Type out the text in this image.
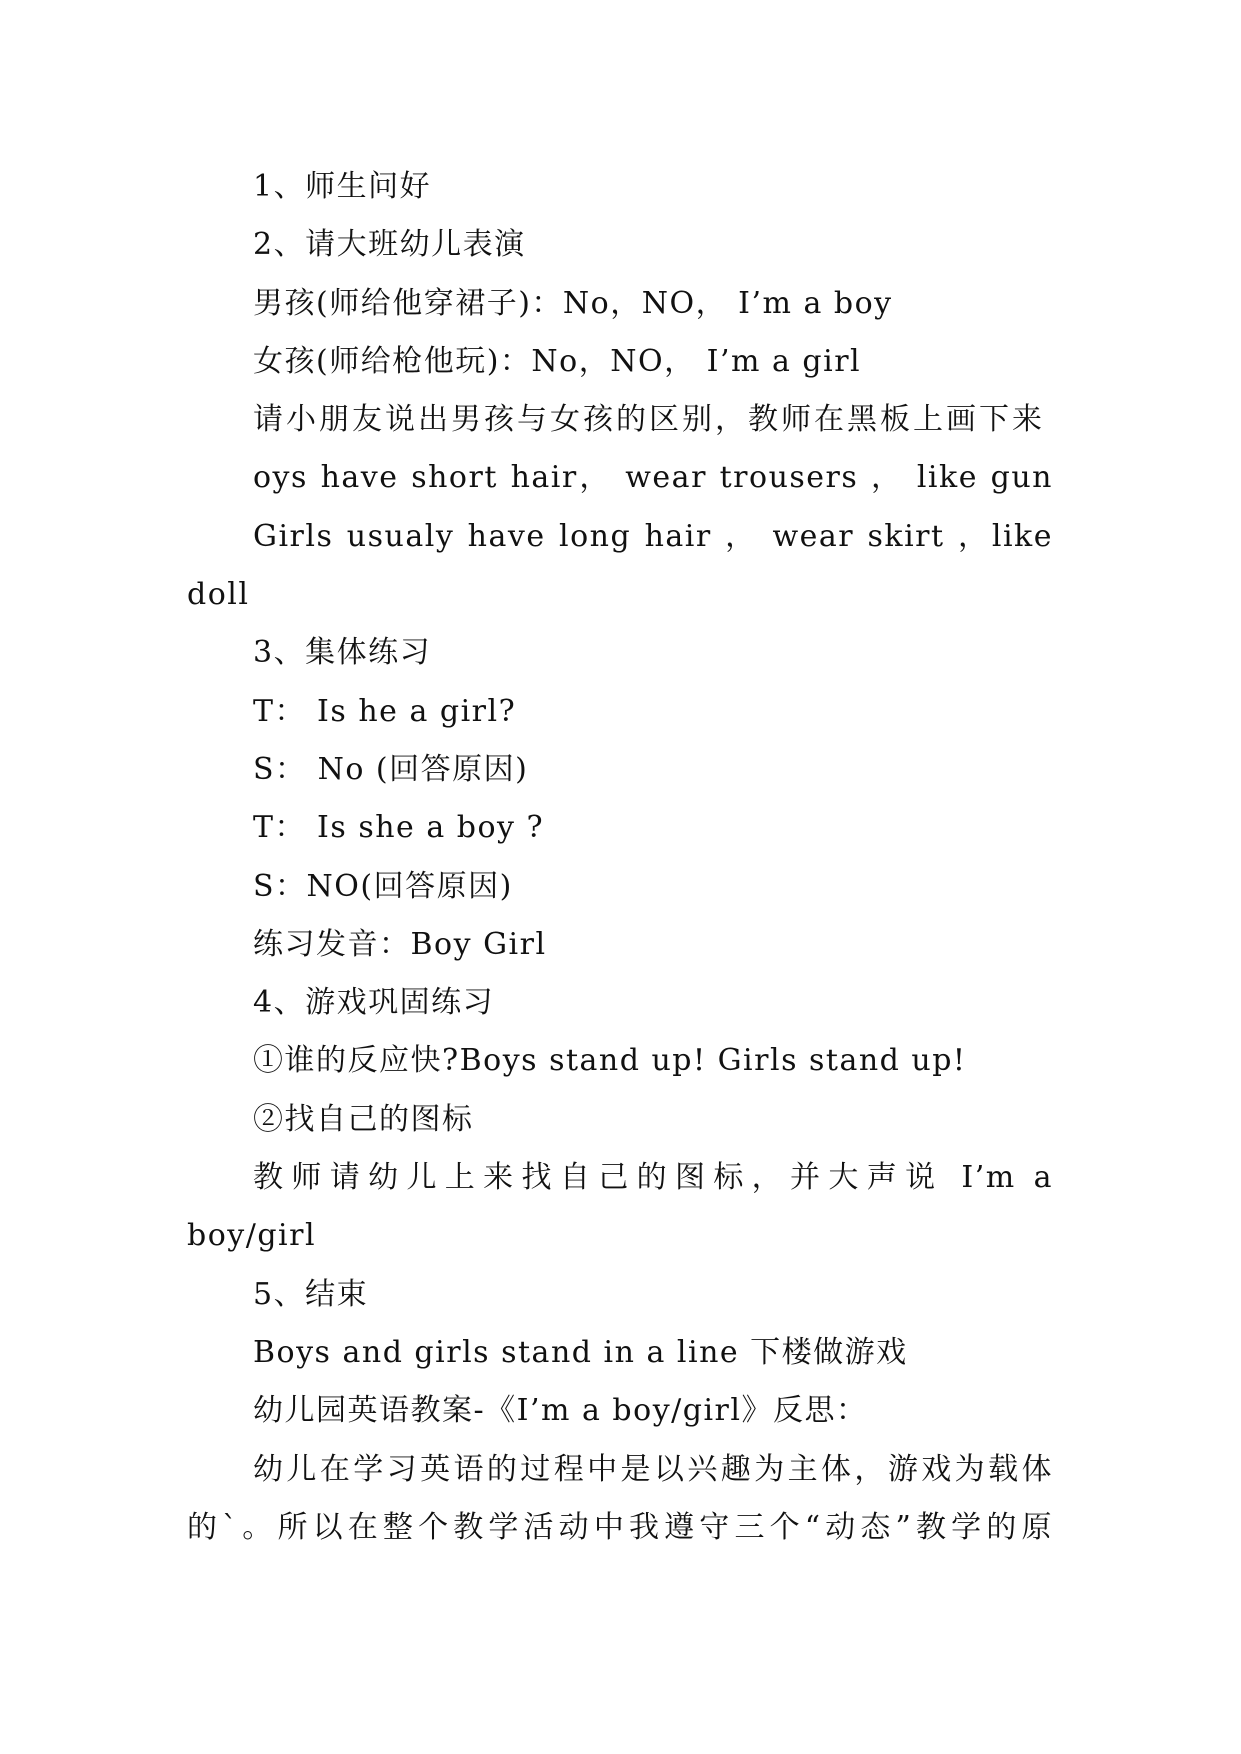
1、师生问好
2、请大班幼儿表演
男孩(师给他穿裙子)：No，NO， I’m a boy
女孩(师给枪他玩)：No，NO， I’m a girl
请小朋友说出男孩与女孩的区别，教师在黑板上画下来
oys have short hair， wear trousers ， like gun
Girls usualy have long hair ， wear skirt ，like
doll
3、集体练习
T： Is he a girl?
S： No (回答原因)
T： Is she a boy ?
S：NO(回答原因)
练习发音：Boy Girl
4、游戏巩固练习
①谁的反应快?Boys stand up! Girls stand up!
②找自己的图标
教师请幼儿上来找自己的图标，并大声说 I’m a
boy/girl
5、结束
Boys and girls stand in a line 下楼做游戏
幼儿园英语教案-《I’m a boy/girl》反思：
幼儿在学习英语的过程中是以兴趣为主体，游戏为载体
的`。所以在整个教学活动中我遵守三个“动态”教学的原
